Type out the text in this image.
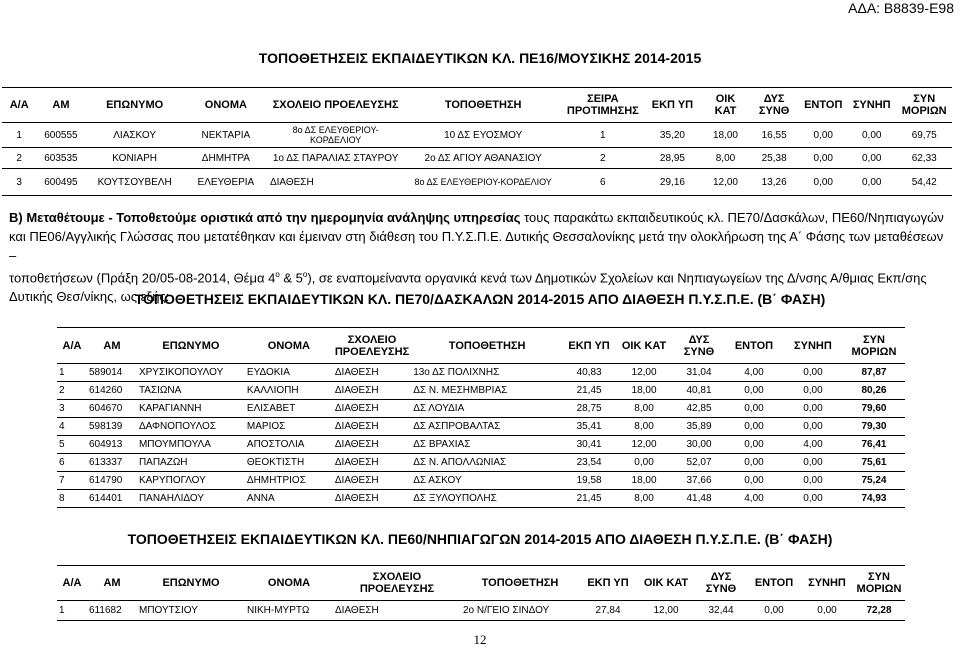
ΑΔΑ: Β8839-Ε98
ΤΟΠΟΘΕΤΗΣΕΙΣ ΕΚΠΑΙΔΕΥΤΙΚΩΝ ΚΛ. ΠΕ16/ΜΟΥΣΙΚΗΣ 2014-2015
Α/Α	ΑΜ	ΕΠΩΝΥΜΟ	ΟΝΟΜΑ	ΣΧΟΛΕΙΟ ΠΡΟΕΛΕΥΣΗΣ	ΤΟΠΟΘΕΤΗΣΗ	ΣΕΙΡΑ ΠΡΟΤΙΜΗΣΗΣ	ΕΚΠ ΥΠ	ΟΙΚ ΚΑΤ	ΔΥΣ ΣΥΝΘ	ΕΝΤΟΠ	ΣΥΝΗΠ	ΣΥΝ ΜΟΡΙΩΝ
1	600555	ΛΙΑΣΚΟΥ	ΝΕΚΤΑΡΙΑ	8ο ΔΣ ΕΛΕΥΘΕΡΙΟΥ-ΚΟΡΔΕΛΙΟΥ	10 ΔΣ ΕΥΟΣΜΟΥ	1	35,20	18,00	16,55	0,00	0,00	69,75
2	603535	ΚΟΝΙΑΡΗ	ΔΗΜΗΤΡΑ	1ο ΔΣ ΠΑΡΑΛΙΑΣ ΣΤΑΥΡΟΥ	2ο ΔΣ ΑΓΙΟΥ ΑΘΑΝΑΣΙΟΥ	2	28,95	8,00	25,38	0,00	0,00	62,33
3	600495	ΚΟΥΤΣΟΥΒΕΛΗ	ΕΛΕΥΘΕΡΙΑ	ΔΙΑΘΕΣΗ	8ο ΔΣ ΕΛΕΥΘΕΡΙΟΥ-ΚΟΡΔΕΛΙΟΥ	6	29,16	12,00	13,26	0,00	0,00	54,42
Β) Μεταθέτουμε - Τοποθετούμε οριστικά από την ημερομηνία ανάληψης υπηρεσίας τους παρακάτω εκπαιδευτικούς κλ. ΠΕ70/Δασκάλων, ΠΕ60/Νηπιαγωγών
και ΠΕ06/Αγγλικής Γλώσσας που μετατέθηκαν και έμειναν στη διάθεση του Π.Υ.Σ.Π.Ε. Δυτικής Θεσσαλονίκης μετά την ολοκλήρωση της Α΄ Φάσης των μεταθέσεων –
τοποθετήσεων (Πράξη 20/05-08-2014, Θέμα $4^o$ & $5^o$), σε εναπομείναντα οργανικά κενά των Δημοτικών Σχολείων και Νηπιαγωγείων της Δ/νσης Α/θμιας Εκπ/σης
Δυτικής Θεσ/νίκης, ως εξής:
ΤΟΠΟΘΕΤΗΣΕΙΣ ΕΚΠΑΙΔΕΥΤΙΚΩΝ ΚΛ. ΠΕ70/ΔΑΣΚΑΛΩΝ 2014-2015 ΑΠΟ ΔΙΑΘΕΣΗ Π.Υ.Σ.Π.Ε. (Β΄ ΦΑΣΗ)
Α/Α	ΑΜ	ΕΠΩΝΥΜΟ	ΟΝΟΜΑ	ΣΧΟΛΕΙΟ ΠΡΟΕΛΕΥΣΗΣ	ΤΟΠΟΘΕΤΗΣΗ	ΕΚΠ ΥΠ	ΟΙΚ ΚΑΤ	ΔΥΣ ΣΥΝΘ	ΕΝΤΟΠ	ΣΥΝΗΠ	ΣΥΝ ΜΟΡΙΩΝ
1	589014	ΧΡΥΣΙΚΟΠΟΥΛΟΥ	ΕΥΔΟΚΙΑ	ΔΙΑΘΕΣΗ	13ο ΔΣ ΠΟΛΙΧΝΗΣ	40,83	12,00	31,04	4,00	0,00	87,87
2	614260	ΤΑΣΙΩΝΑ	ΚΑΛΛΙΟΠΗ	ΔΙΑΘΕΣΗ	ΔΣ Ν. ΜΕΣΗΜΒΡΙΑΣ	21,45	18,00	40,81	0,00	0,00	80,26
3	604670	ΚΑΡΑΓΙΑΝΝΗ	ΕΛΙΣΑΒΕΤ	ΔΙΑΘΕΣΗ	ΔΣ ΛΟΥΔΙΑ	28,75	8,00	42,85	0,00	0,00	79,60
4	598139	ΔΑΦΝΟΠΟΥΛΟΣ	ΜΑΡΙΟΣ	ΔΙΑΘΕΣΗ	ΔΣ ΑΣΠΡΟΒΑΛΤΑΣ	35,41	8,00	35,89	0,00	0,00	79,30
5	604913	ΜΠΟΥΜΠΟΥΛΑ	ΑΠΟΣΤΟΛΙΑ	ΔΙΑΘΕΣΗ	ΔΣ ΒΡΑΧΙΑΣ	30,41	12,00	30,00	0,00	4,00	76,41
6	613337	ΠΑΠΑΖΩΗ	ΘΕΟΚΤΙΣΤΗ	ΔΙΑΘΕΣΗ	ΔΣ Ν. ΑΠΟΛΛΩΝΙΑΣ	23,54	0,00	52,07	0,00	0,00	75,61
7	614790	ΚΑΡΥΠΟΓΛΟΥ	ΔΗΜΗΤΡΙΟΣ	ΔΙΑΘΕΣΗ	ΔΣ ΑΣΚΟΥ	19,58	18,00	37,66	0,00	0,00	75,24
8	614401	ΠΑΝΑΗΛΙΔΟΥ	ΑΝΝΑ	ΔΙΑΘΕΣΗ	ΔΣ ΞΥΛΟΥΠΟΛΗΣ	21,45	8,00	41,48	4,00	0,00	74,93
ΤΟΠΟΘΕΤΗΣΕΙΣ ΕΚΠΑΙΔΕΥΤΙΚΩΝ ΚΛ. ΠΕ60/ΝΗΠΙΑΓΩΓΩΝ 2014-2015 ΑΠΟ ΔΙΑΘΕΣΗ Π.Υ.Σ.Π.Ε. (Β΄ ΦΑΣΗ)
Α/Α	ΑΜ	ΕΠΩΝΥΜΟ	ΟΝΟΜΑ	ΣΧΟΛΕΙΟ ΠΡΟΕΛΕΥΣΗΣ	ΤΟΠΟΘΕΤΗΣΗ	ΕΚΠ ΥΠ	ΟΙΚ ΚΑΤ	ΔΥΣ ΣΥΝΘ	ΕΝΤΟΠ	ΣΥΝΗΠ	ΣΥΝ ΜΟΡΙΩΝ
1	611682	ΜΠΟΥΤΣΙΟΥ	ΝΙΚΗ-ΜΥΡΤΩ	ΔΙΑΘΕΣΗ	2ο Ν/ΓΕΙΟ ΣΙΝΔΟΥ	27,84	12,00	32,44	0,00	0,00	72,28
12
